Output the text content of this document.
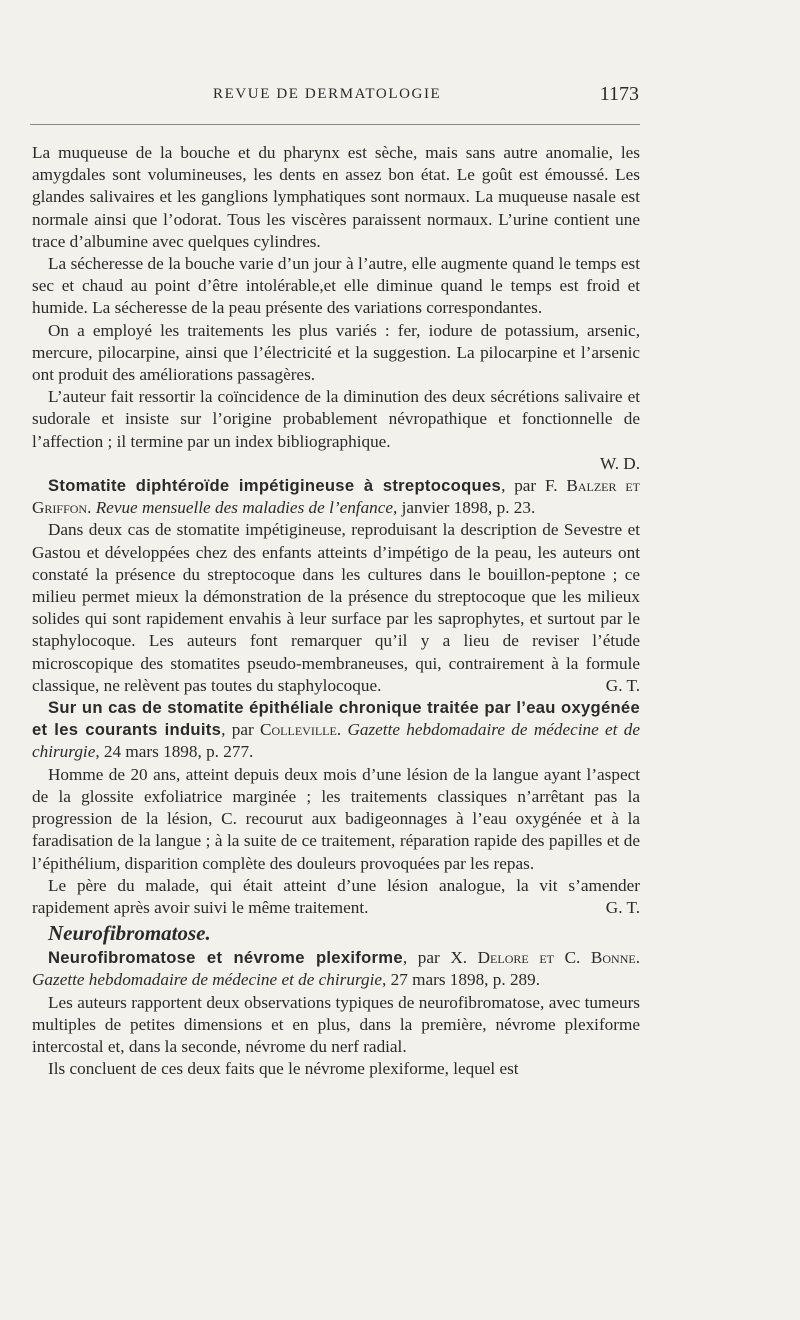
REVUE DE DERMATOLOGIE	1173

La muqueuse de la bouche et du pharynx est sèche, mais sans autre anomalie, les amygdales sont volumineuses, les dents en assez bon état. Le goût est émoussé. Les glandes salivaires et les ganglions lymphatiques sont normaux. La muqueuse nasale est normale ainsi que l’odorat. Tous les viscères paraissent normaux. L’urine contient une trace d’albumine avec quelques cylindres.

La sécheresse de la bouche varie d’un jour à l’autre, elle augmente quand le temps est sec et chaud au point d’être intolérable,et elle diminue quand le temps est froid et humide. La sécheresse de la peau présente des variations correspondantes.

On a employé les traitements les plus variés : fer, iodure de potassium, arsenic, mercure, pilocarpine, ainsi que l’électricité et la suggestion. La pilocarpine et l’arsenic ont produit des améliorations passagères.

L’auteur fait ressortir la coïncidence de la diminution des deux sécrétions salivaire et sudorale et insiste sur l’origine probablement névropathique et fonctionnelle de l’affection ; il termine par un index bibliographique.

W. D.

Stomatite diphtéroïde impétigineuse à streptocoques, par F. Balzer et Griffon. Revue mensuelle des maladies de l’enfance, janvier 1898, p. 23.

Dans deux cas de stomatite impétigineuse, reproduisant la description de Sevestre et Gastou et développées chez des enfants atteints d’impétigo de la peau, les auteurs ont constaté la présence du streptocoque dans les cultures dans le bouillon-peptone ; ce milieu permet mieux la démonstration de la présence du streptocoque que les milieux solides qui sont rapidement envahis à leur surface par les saprophytes, et surtout par le staphylocoque. Les auteurs font remarquer qu’il y a lieu de reviser l’étude microscopique des stomatites pseudo-membraneuses, qui, contrairement à la formule classique, ne relèvent pas toutes du staphylocoque.	G. T.

Sur un cas de stomatite épithéliale chronique traitée par l’eau oxygénée et les courants induits, par Colleville. Gazette hebdomadaire de médecine et de chirurgie, 24 mars 1898, p. 277.

Homme de 20 ans, atteint depuis deux mois d’une lésion de la langue ayant l’aspect de la glossite exfoliatrice marginée ; les traitements classiques n’arrêtant pas la progression de la lésion, C. recourut aux badigeonnages à l’eau oxygénée et à la faradisation de la langue ; à la suite de ce traitement, réparation rapide des papilles et de l’épithélium, disparition complète des douleurs provoquées par les repas.

Le père du malade, qui était atteint d’une lésion analogue, la vit s’amender rapidement après avoir suivi le même traitement.	G. T.

Neurofibromatose.

Neurofibromatose et névrome plexiforme, par X. Delore et C. Bonne. Gazette hebdomadaire de médecine et de chirurgie, 27 mars 1898, p. 289.

Les auteurs rapportent deux observations typiques de neurofibromatose, avec tumeurs multiples de petites dimensions et en plus, dans la première, névrome plexiforme intercostal et, dans la seconde, névrome du nerf radial.

Ils concluent de ces deux faits que le névrome plexiforme, lequel est
